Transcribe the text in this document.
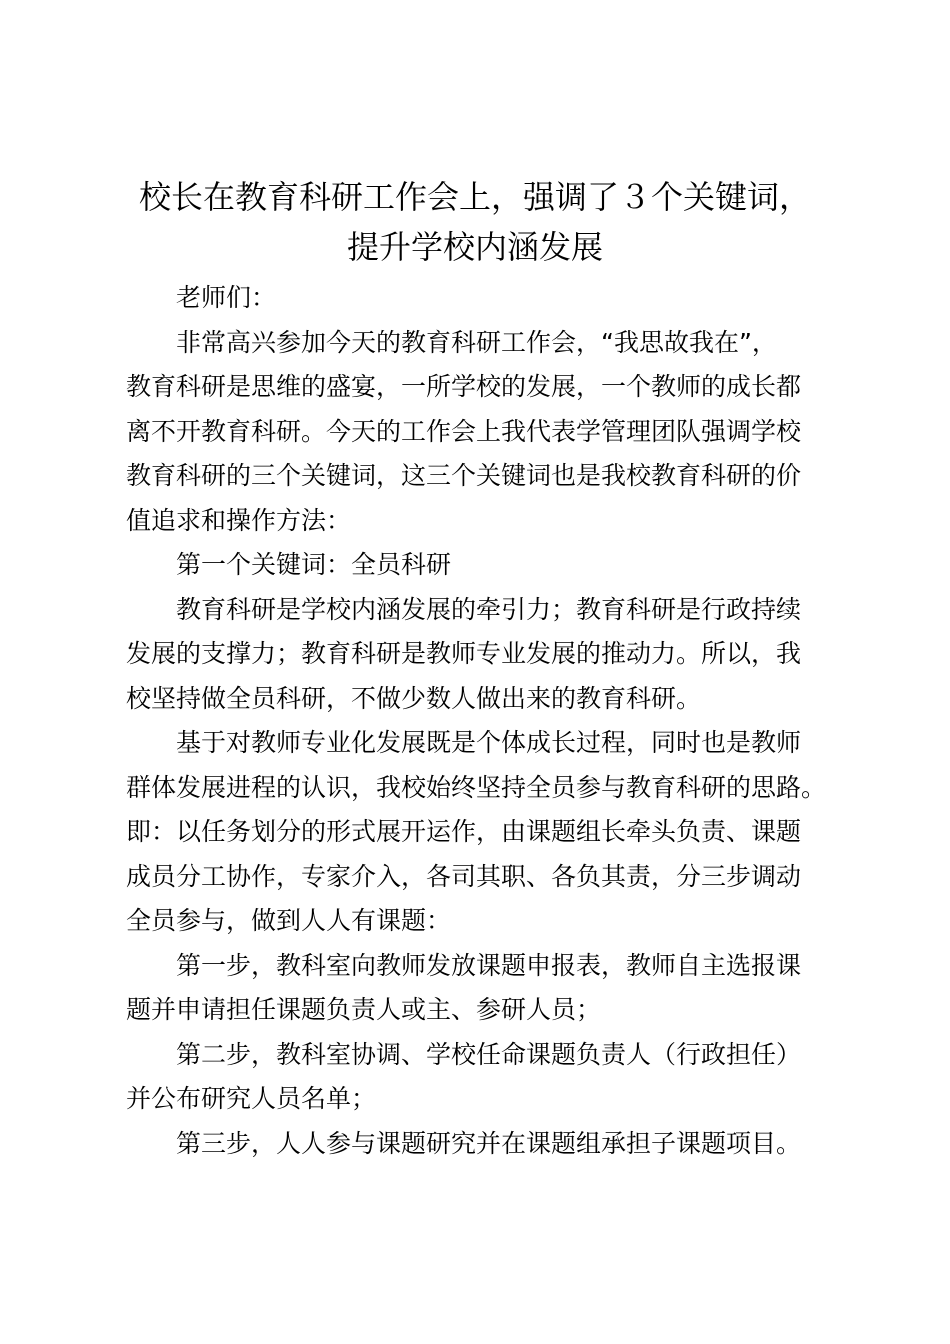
校长在教育科研工作会上，强调了３个关键词，
提升学校内涵发展
老师们：
非常高兴参加今天的教育科研工作会，“我思故我在”，
教育科研是思维的盛宴，一所学校的发展，一个教师的成长都
离不开教育科研。今天的工作会上我代表学管理团队强调学校
教育科研的三个关键词，这三个关键词也是我校教育科研的价
值追求和操作方法：
第一个关键词：全员科研
教育科研是学校内涵发展的牵引力；教育科研是行政持续
发展的支撑力；教育科研是教师专业发展的推动力。所以，我
校坚持做全员科研，不做少数人做出来的教育科研。
基于对教师专业化发展既是个体成长过程，同时也是教师
群体发展进程的认识，我校始终坚持全员参与教育科研的思路。
即：以任务划分的形式展开运作，由课题组长牵头负责、课题
成员分工协作，专家介入，各司其职、各负其责，分三步调动
全员参与，做到人人有课题：
第一步，教科室向教师发放课题申报表，教师自主选报课
题并申请担任课题负责人或主、参研人员；
第二步，教科室协调、学校任命课题负责人（行政担任）
并公布研究人员名单；
第三步，人人参与课题研究并在课题组承担子课题项目。
